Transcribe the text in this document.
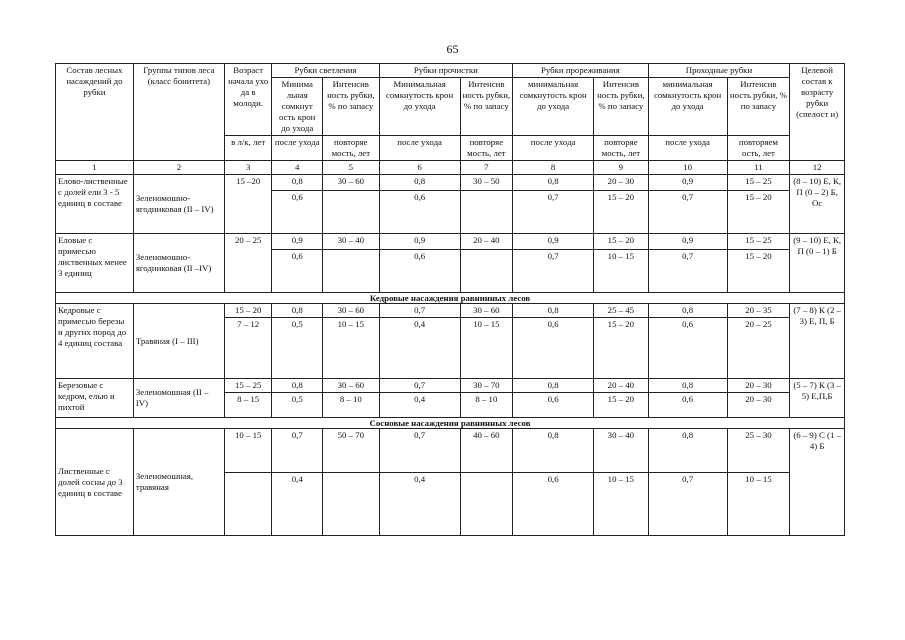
65
Состав лесных насаждений до рубки	Группы типов леса (класс бонитета)	Возраст начала ухо да в молоди.	Рубки светления		Рубки прочистки		Рубки прореживания		Проходные рубки		Целевой состав к возрасту рубки (спелост и)
			Минима льная сомкнут ость крон до ухода	Интенсив ность рубки, % по запасу	Минимальная сомкнутость крон до ухода	Интенсив ность рубки, % по запасу	минимальная сомкнутость крон до ухода	Интенсив ность рубки, % по запасу	минимальная сомкнутость крон до ухода	Интенсив ность рубки, % по запасу	
		в л/к, лет	после ухода	повторяе мость, лет	после ухода	повторяе мость, лет	после ухода	повторяе мость, лет	после ухода	повторяем ость, лет	
1	2	3	4	5	6	7	8	9	10	11	12
Елово-лиственные с долей ели 3 - 5 единиц в составе	Зеленомошно-ягодниковая (II – IV)	15 –20	0,8	30 – 60	0,8	30 – 50	0,8	20 – 30	0,9	15 – 25	(8 – 10) Е, К, П (0 – 2) Б, Ос
			0,6		0,6		0,7	15 – 20	0,7	15 – 20	
Еловые с примесью лиственных менее 3 единиц	Зеленомошно-ягодниковая (II –IV)	20 – 25	0,9	30 – 40	0,9	20 – 40	0,9	15 – 20	0,9	15 – 25	(9 – 10) Е, К, П (0 – 1) Б
			0,6		0,6		0,7	10 – 15	0,7	15 – 20	
Кедровые насаждения равнинных лесов											
Кедровые с примесью березы и других пород до 4 единиц состава	Травяная (I – III)	15 – 20	0,8	30 – 60	0,7	30 – 60	0,8	25 – 45	0,8	20 – 35	(7 – 8) К (2 – 3) Е, П, Б
		7 – 12	0,5	10 – 15	0,4	10 – 15	0,6	15 – 20	0,6	20 – 25	
Березовые с кедром, елью и пихтой	Зеленомошная (II – IV)	15 – 25	0,8	30 – 60	0,7	30 – 70	0,8	20 – 40	0,8	20 – 30	(5 – 7) К (3 – 5) Е,П,Б
		8 – 15	0,5	8 – 10	0,4	8 – 10	0,6	15 – 20	0,6	20 – 30	
Сосновые насаждения равнинных лесов											
Лиственные с долей сосны до 3 единиц в составе	Зеленомошная, травяная	10 – 15	0,7	50 – 70	0,7	40 – 60	0,8	30 – 40	0,8	25 – 30	(6 – 9) С (1 – 4) Б
			0,4		0,4		0,6	10 – 15	0,7	10 – 15	
